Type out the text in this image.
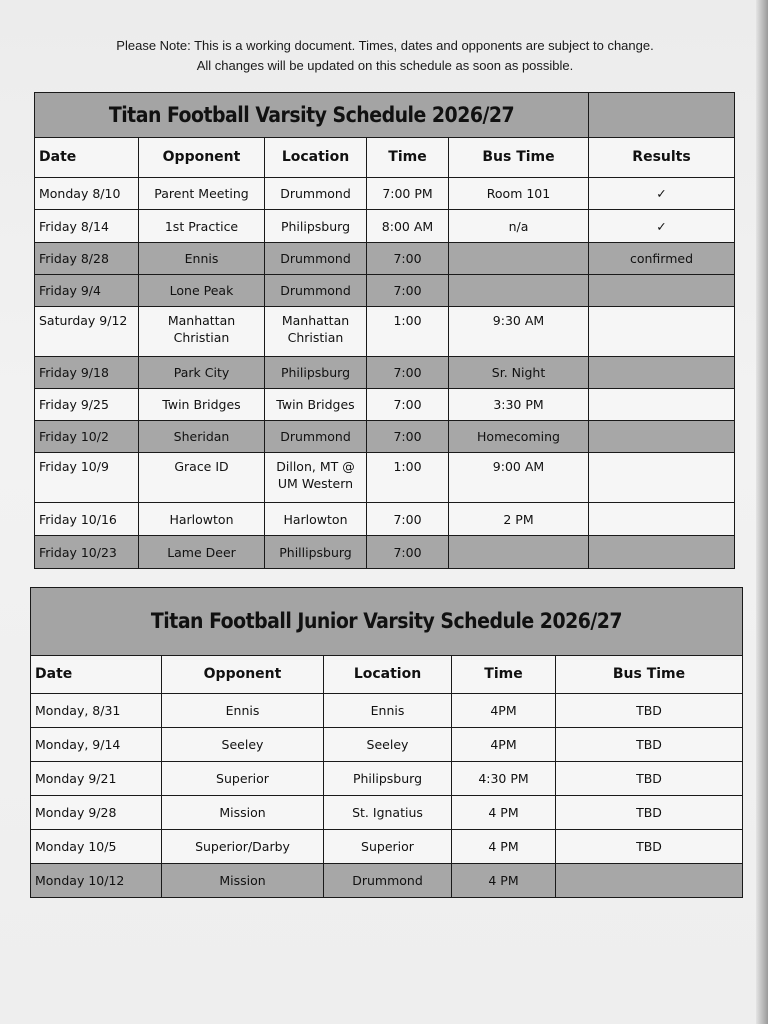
Please Note: This is a working document. Times, dates and opponents are subject to change.
All changes will be updated on this schedule as soon as possible.
Titan Football Varsity Schedule 2026/27					
Date	Opponent	Location	Time	Bus Time	Results
Monday 8/10	Parent Meeting	Drummond	7:00 PM	Room 101	✓
Friday 8/14	1st Practice	Philipsburg	8:00 AM	n/a	✓
Friday 8/28	Ennis	Drummond	7:00		confirmed
Friday 9/4	Lone Peak	Drummond	7:00		
Saturday 9/12	Manhattan Christian	Manhattan Christian	1:00	9:30 AM	
Friday 9/18	Park City	Philipsburg	7:00	Sr. Night	
Friday 9/25	Twin Bridges	Twin Bridges	7:00	3:30 PM	
Friday 10/2	Sheridan	Drummond	7:00	Homecoming	
Friday 10/9	Grace ID	Dillon, MT @ UM Western	1:00	9:00 AM	
Friday 10/16	Harlowton	Harlowton	7:00	2 PM	
Friday 10/23	Lame Deer	Phillipsburg	7:00		
Titan Football Junior Varsity Schedule 2026/27				
Date	Opponent	Location	Time	Bus Time
Monday, 8/31	Ennis	Ennis	4PM	TBD
Monday, 9/14	Seeley	Seeley	4PM	TBD
Monday 9/21	Superior	Philipsburg	4:30 PM	TBD
Monday 9/28	Mission	St. Ignatius	4 PM	TBD
Monday 10/5	Superior/Darby	Superior	4 PM	TBD
Monday 10/12	Mission	Drummond	4 PM	
